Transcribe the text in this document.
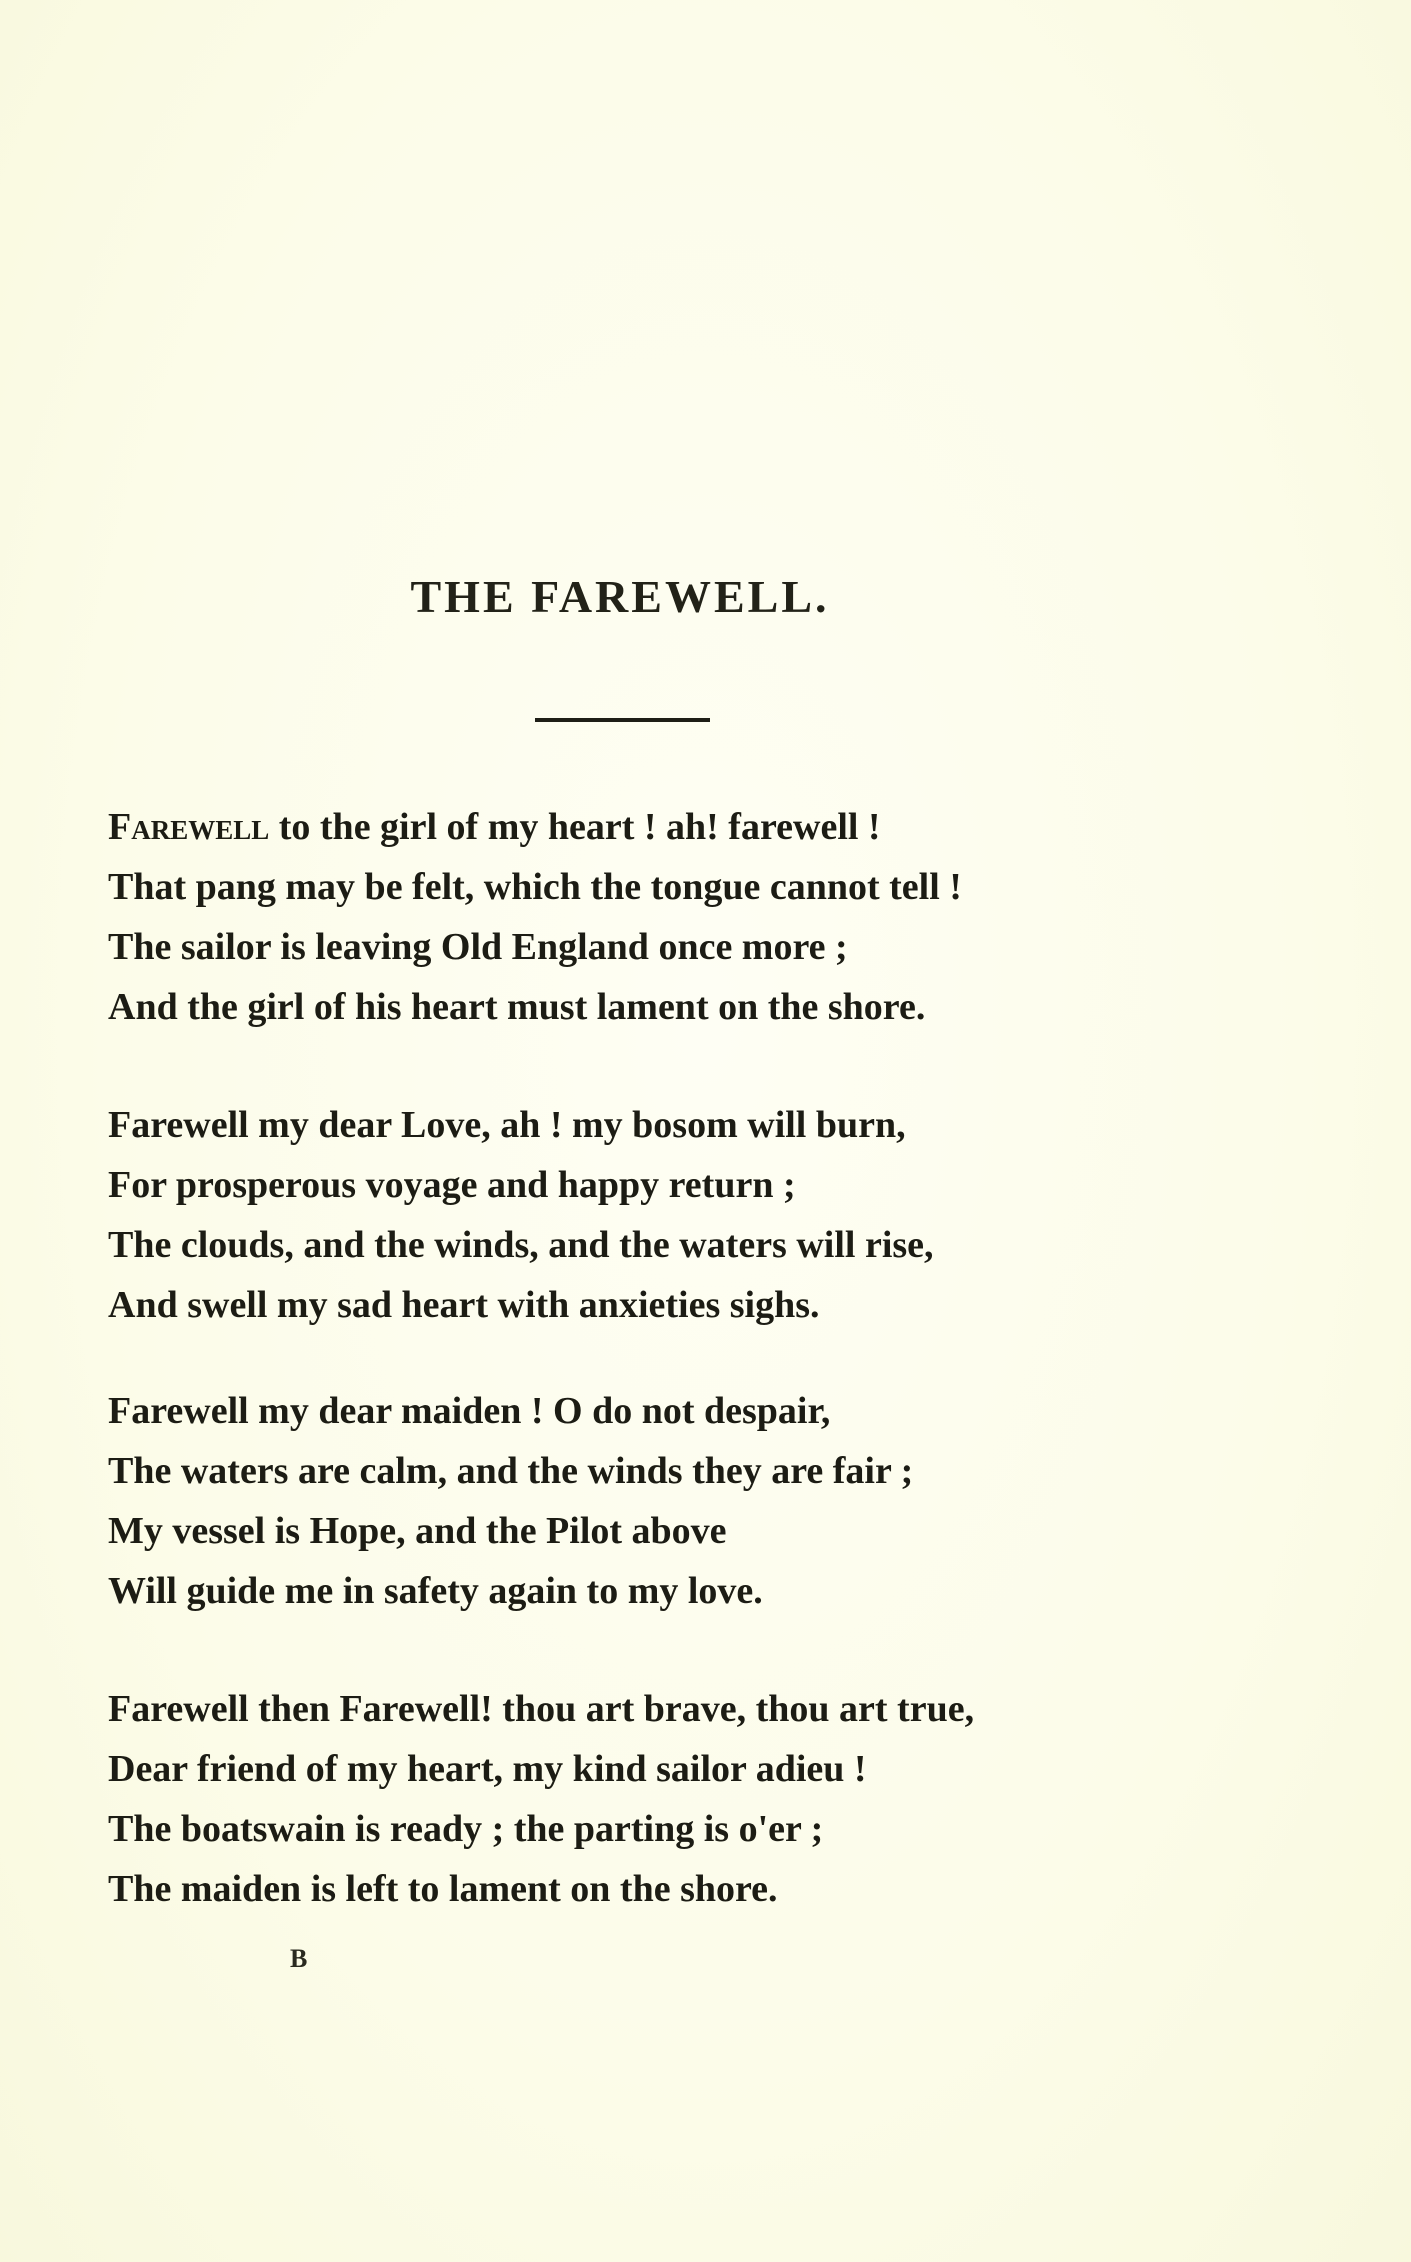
THE FAREWELL.
Farewell to the girl of my heart ! ah! farewell !
That pang may be felt, which the tongue cannot tell !
The sailor is leaving Old England once more ;
And the girl of his heart must lament on the shore.
Farewell my dear Love, ah ! my bosom will burn,
For prosperous voyage and happy return ;
The clouds, and the winds, and the waters will rise,
And swell my sad heart with anxieties sighs.
Farewell my dear maiden ! O do not despair,
The waters are calm, and the winds they are fair ;
My vessel is Hope, and the Pilot above
Will guide me in safety again to my love.
Farewell then Farewell! thou art brave, thou art true,
Dear friend of my heart, my kind sailor adieu !
The boatswain is ready ; the parting is o'er ;
The maiden is left to lament on the shore.
B
